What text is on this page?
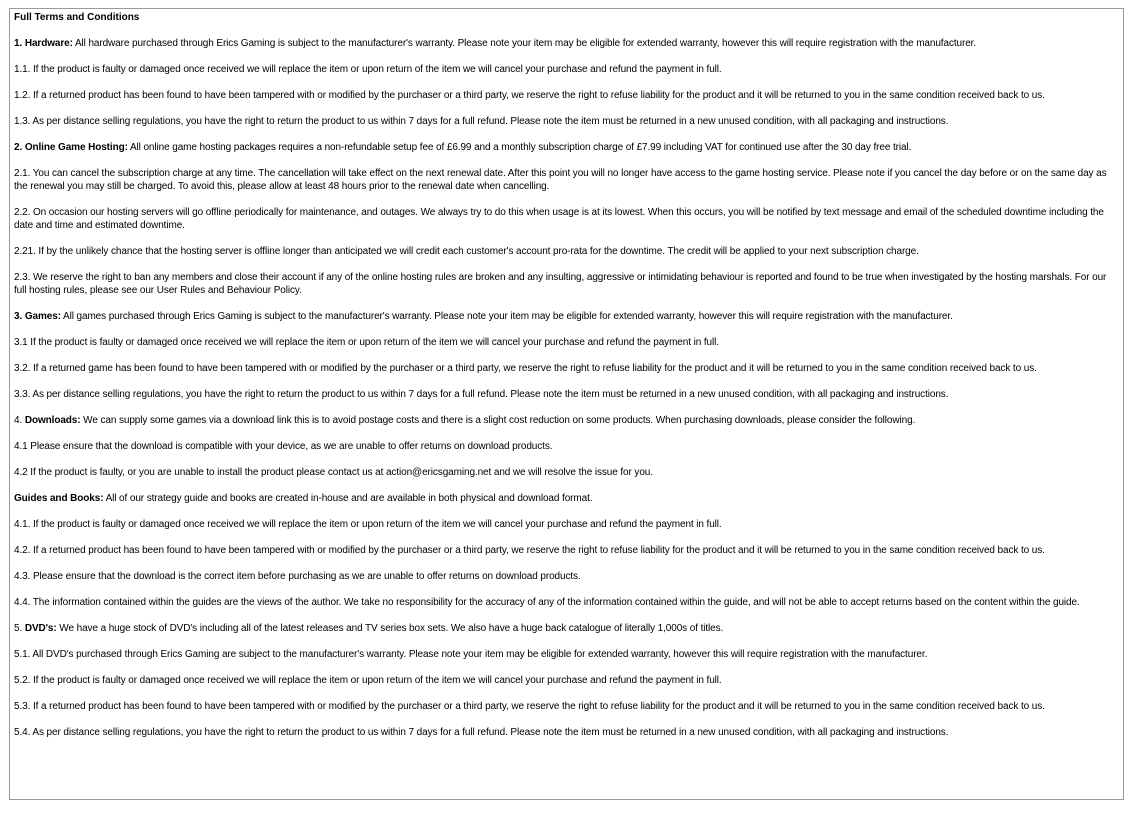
Full Terms and Conditions
1. Hardware: All hardware purchased through Erics Gaming is subject to the manufacturer's warranty. Please note your item may be eligible for extended warranty, however this will require registration with the manufacturer.
1.1. If the product is faulty or damaged once received we will replace the item or upon return of the item we will cancel your purchase and refund the payment in full.
1.2. If a returned product has been found to have been tampered with or modified by the purchaser or a third party, we reserve the right to refuse liability for the product and it will be returned to you in the same condition received back to us.
1.3. As per distance selling regulations, you have the right to return the product to us within 7 days for a full refund. Please note the item must be returned in a new unused condition, with all packaging and instructions.
2. Online Game Hosting: All online game hosting packages requires a non-refundable setup fee of £6.99 and a monthly subscription charge of £7.99 including VAT for continued use after the 30 day free trial.
2.1. You can cancel the subscription charge at any time. The cancellation will take effect on the next renewal date. After this point you will no longer have access to the game hosting service. Please note if you cancel the day before or on the same day as the renewal you may still be charged. To avoid this, please allow at least 48 hours prior to the renewal date when cancelling.
2.2. On occasion our hosting servers will go offline periodically for maintenance, and outages. We always try to do this when usage is at its lowest. When this occurs, you will be notified by text message and email of the scheduled downtime including the date and time and estimated downtime.
2.21. If by the unlikely chance that the hosting server is offline longer than anticipated we will credit each customer's account pro-rata for the downtime. The credit will be applied to your next subscription charge.
2.3. We reserve the right to ban any members and close their account if any of the online hosting rules are broken and any insulting, aggressive or intimidating behaviour is reported and found to be true when investigated by the hosting marshals. For our full hosting rules, please see our User Rules and Behaviour Policy.
3. Games: All games purchased through Erics Gaming is subject to the manufacturer's warranty. Please note your item may be eligible for extended warranty, however this will require registration with the manufacturer.
3.1 If the product is faulty or damaged once received we will replace the item or upon return of the item we will cancel your purchase and refund the payment in full.
3.2. If a returned game has been found to have been tampered with or modified by the purchaser or a third party, we reserve the right to refuse liability for the product and it will be returned to you in the same condition received back to us.
3.3. As per distance selling regulations, you have the right to return the product to us within 7 days for a full refund. Please note the item must be returned in a new unused condition, with all packaging and instructions.
4. Downloads: We can supply some games via a download link this is to avoid postage costs and there is a slight cost reduction on some products. When purchasing downloads, please consider the following.
4.1 Please ensure that the download is compatible with your device, as we are unable to offer returns on download products.
4.2 If the product is faulty, or you are unable to install the product please contact us at action@ericsgaming.net and we will resolve the issue for you.
Guides and Books: All of our strategy guide and books are created in-house and are available in both physical and download format.
4.1. If the product is faulty or damaged once received we will replace the item or upon return of the item we will cancel your purchase and refund the payment in full.
4.2. If a returned product has been found to have been tampered with or modified by the purchaser or a third party, we reserve the right to refuse liability for the product and it will be returned to you in the same condition received back to us.
4.3. Please ensure that the download is the correct item before purchasing as we are unable to offer returns on download products.
4.4. The information contained within the guides are the views of the author. We take no responsibility for the accuracy of any of the information contained within the guide, and will not be able to accept returns based on the content within the guide.
5. DVD's: We have a huge stock of DVD's including all of the latest releases and TV series box sets. We also have a huge back catalogue of literally 1,000s of titles.
5.1. All DVD's purchased through Erics Gaming are subject to the manufacturer's warranty. Please note your item may be eligible for extended warranty, however this will require registration with the manufacturer.
5.2. If the product is faulty or damaged once received we will replace the item or upon return of the item we will cancel your purchase and refund the payment in full.
5.3. If a returned product has been found to have been tampered with or modified by the purchaser or a third party, we reserve the right to refuse liability for the product and it will be returned to you in the same condition received back to us.
5.4. As per distance selling regulations, you have the right to return the product to us within 7 days for a full refund. Please note the item must be returned in a new unused condition, with all packaging and instructions.
